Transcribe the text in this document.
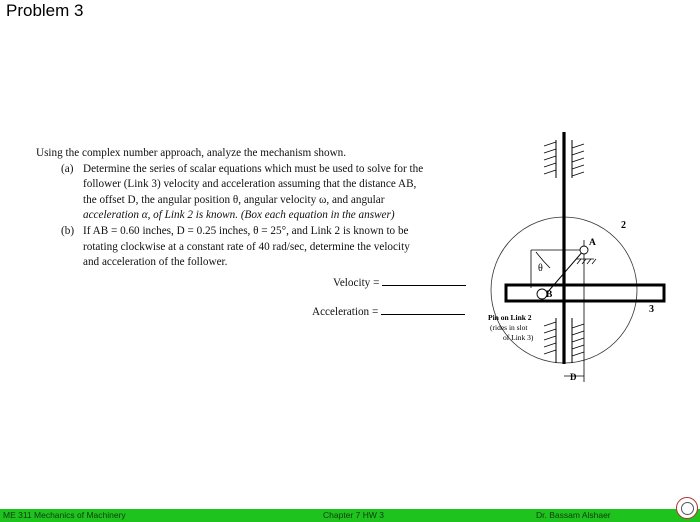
Problem 3

Using the complex number approach, analyze the mechanism shown.

(a) Determine the series of scalar equations which must be used to solve for the

follower (Link 3) velocity and acceleration assuming that the distance AB,

the offset D, the angular position θ, angular velocity ω, and angular

acceleration α, of Link 2 is known. (Box each equation in the answer)

(b) If AB = 0.60 inches, D = 0.25 inches, θ = 25°, and Link 2 is known to be

rotating clockwise at a constant rate of 40 rad/sec, determine the velocity

and acceleration of the follower.

Velocity =
Acceleration =
2
A
θ
B
3
Pin on Link 2
(rides in slot
of Link 3)
D
ME 311 Mechanics of Machinery	Chapter 7 HW 3	Dr. Bassam Alshaer
